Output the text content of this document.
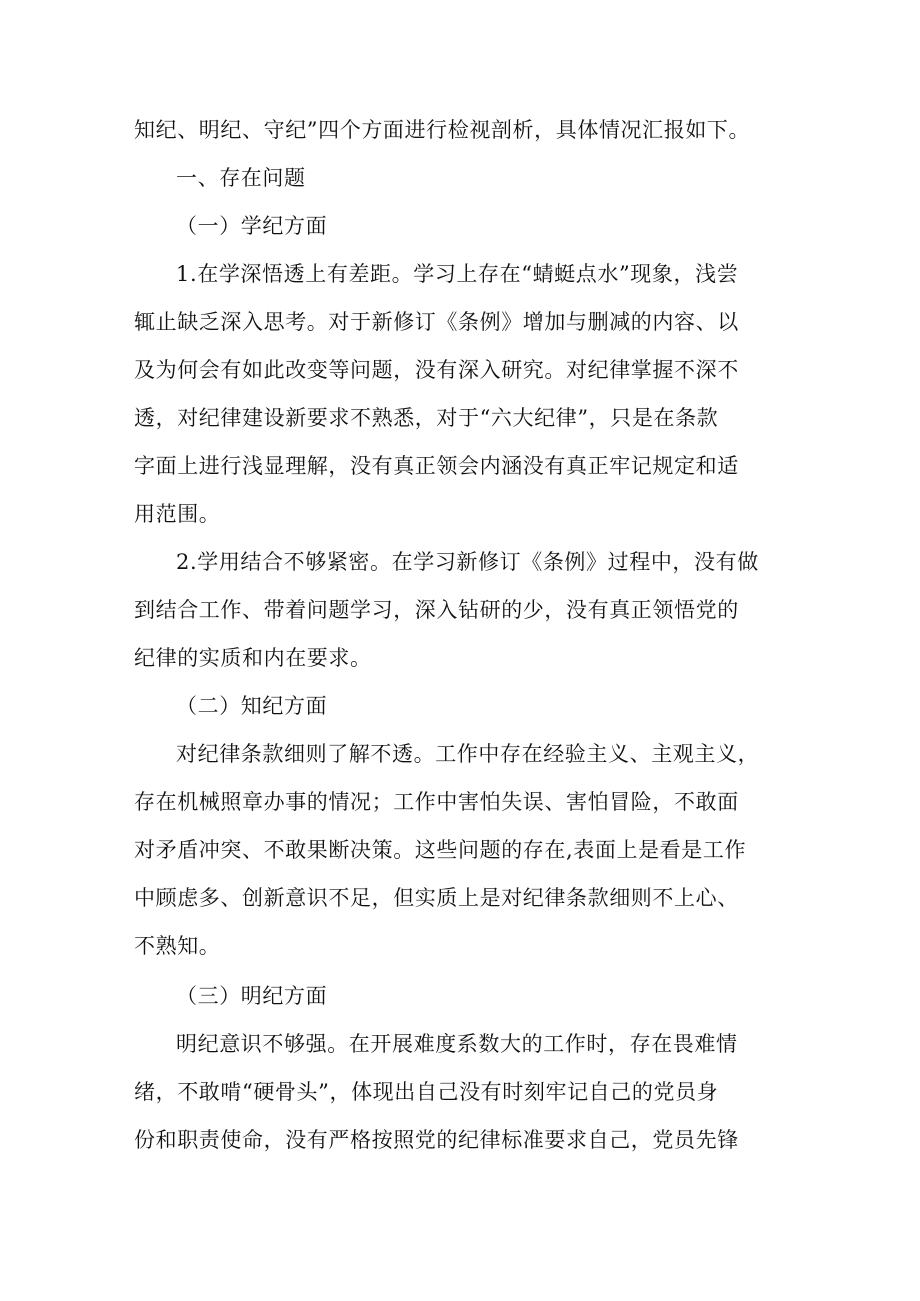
知纪、明纪、守纪”四个方面进行检视剖析，具体情况汇报如下。
一、存在问题
（一）学纪方面
1.在学深悟透上有差距。学习上存在“蜻蜓点水”现象，浅尝
辄止缺乏深入思考。对于新修订《条例》增加与删减的内容、以
及为何会有如此改变等问题，没有深入研究。对纪律掌握不深不
透，对纪律建设新要求不熟悉，对于“六大纪律”，只是在条款
字面上进行浅显理解，没有真正领会内涵没有真正牢记规定和适
用范围。
2.学用结合不够紧密。在学习新修订《条例》过程中，没有做
到结合工作、带着问题学习，深入钻研的少，没有真正领悟党的
纪律的实质和内在要求。
（二）知纪方面
对纪律条款细则了解不透。工作中存在经验主义、主观主义，
存在机械照章办事的情况；工作中害怕失误、害怕冒险，不敢面
对矛盾冲突、不敢果断决策。这些问题的存在,表面上是看是工作
中顾虑多、创新意识不足，但实质上是对纪律条款细则不上心、
不熟知。
（三）明纪方面
明纪意识不够强。在开展难度系数大的工作时，存在畏难情
绪，不敢啃“硬骨头”，体现出自己没有时刻牢记自己的党员身
份和职责使命，没有严格按照党的纪律标准要求自己，党员先锋
